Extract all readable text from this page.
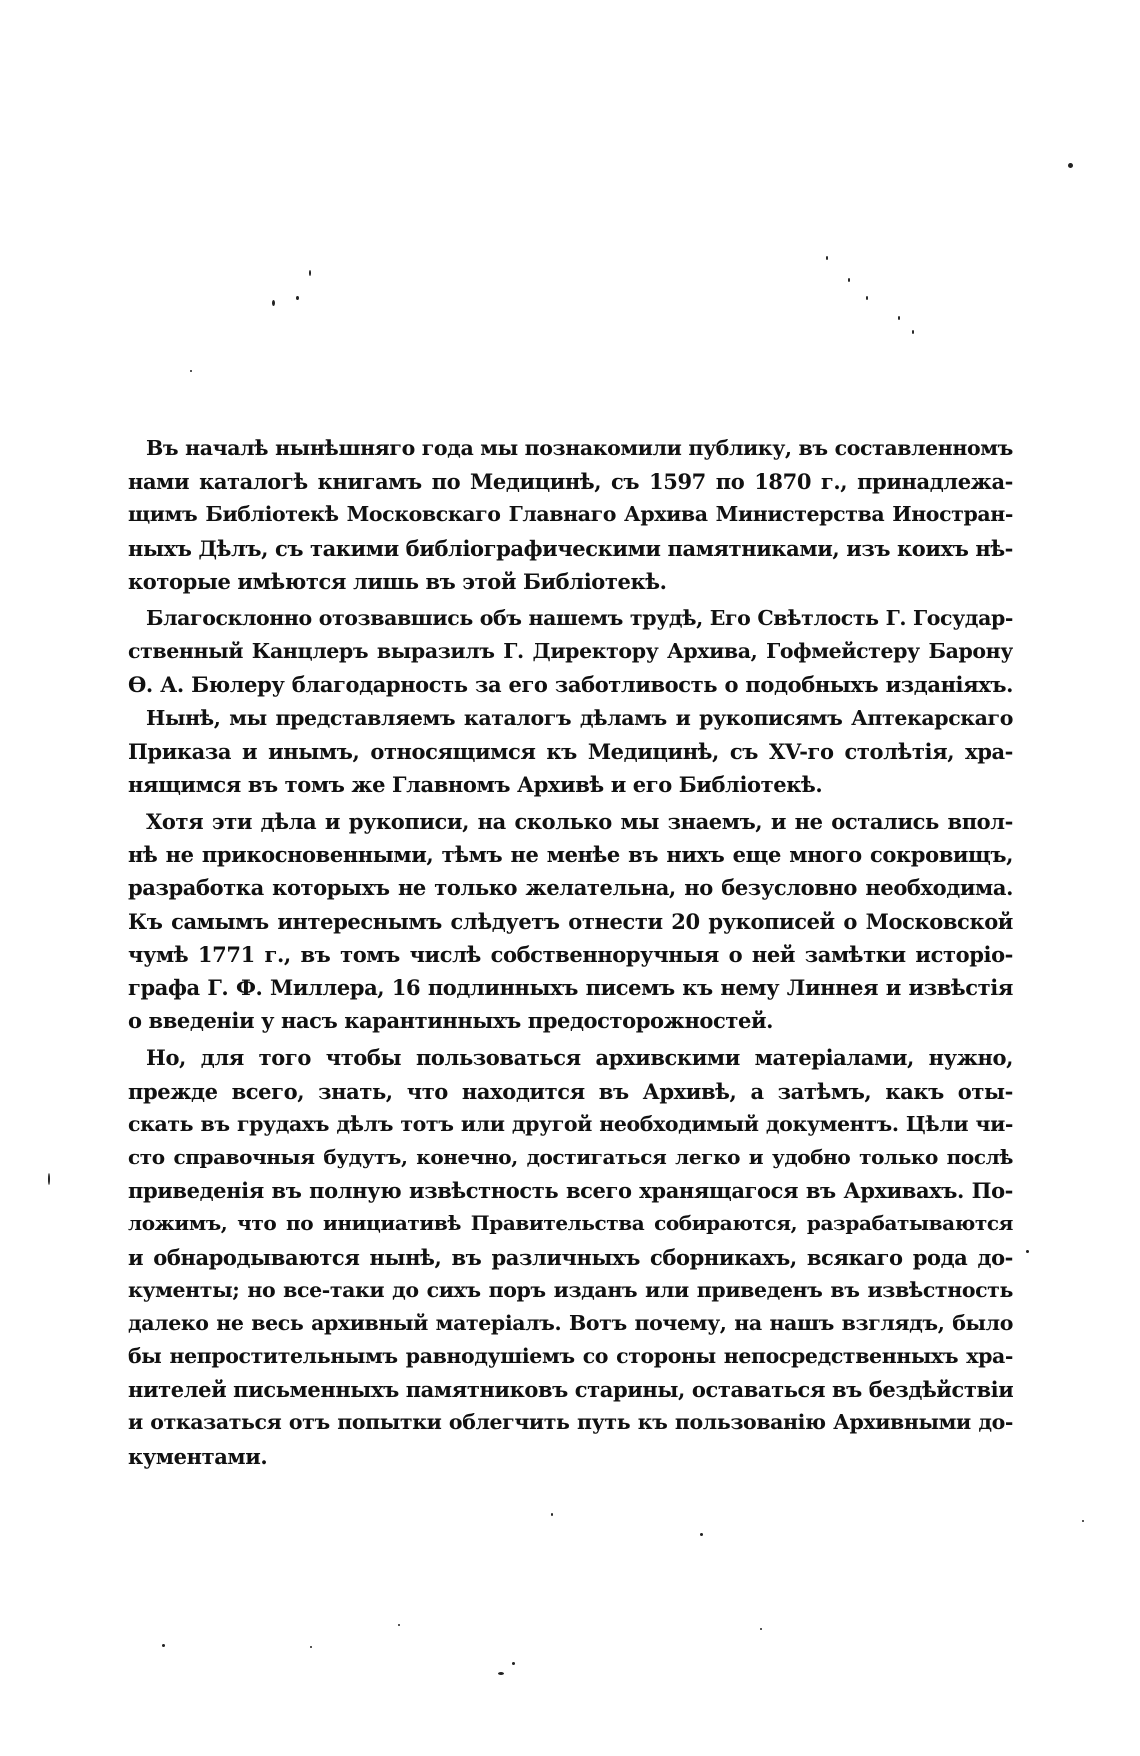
Въ началѣ нынѣшняго года мы познакомили публику, въ составленномъ
нами каталогѣ книгамъ по Медицинѣ, съ 1597 по 1870 г., принадлежа-
щимъ Библіотекѣ Московскаго Главнаго Архива Министерства Иностран-
ныхъ Дѣлъ, съ такими библіографическими памятниками, изъ коихъ нѣ-
которые имѣются лишь въ этой Библіотекѣ.
Благосклонно отозвавшись объ нашемъ трудѣ, Его Свѣтлость Г. Государ-
ственный Канцлеръ выразилъ Г. Директору Архива, Гофмейстеру Барону
Ѳ. А. Бюлеру благодарность за его заботливость о подобныхъ изданіяхъ.
Нынѣ, мы представляемъ каталогъ дѣламъ и рукописямъ Аптекарскаго
Приказа и инымъ, относящимся къ Медицинѣ, съ XV-го столѣтія, хра-
нящимся въ томъ же Главномъ Архивѣ и его Библіотекѣ.
Хотя эти дѣла и рукописи, на сколько мы знаемъ, и не остались впол-
нѣ не прикосновенными, тѣмъ не менѣе въ нихъ еще много сокровищъ,
разработка которыхъ не только желательна, но безусловно необходима.
Къ самымъ интереснымъ слѣдуетъ отнести 20 рукописей о Московской
чумѣ 1771 г., въ томъ числѣ собственноручныя о ней замѣтки исторіо-
графа Г. Ф. Миллера, 16 подлинныхъ писемъ къ нему Линнея и извѣстія
о введеніи у насъ карантинныхъ предосторожностей.
Но, для того чтобы пользоваться архивскими матеріалами, нужно,
прежде всего, знать, что находится въ Архивѣ, а затѣмъ, какъ оты-
скать въ грудахъ дѣлъ тотъ или другой необходимый документъ. Цѣли чи-
сто справочныя будутъ, конечно, достигаться легко и удобно только послѣ
приведенія въ полную извѣстность всего хранящагося въ Архивахъ. По-
ложимъ, что по инициативѣ Правительства собираются, разрабатываются
и обнародываются нынѣ, въ различныхъ сборникахъ, всякаго рода до-
кументы; но все-таки до сихъ поръ изданъ или приведенъ въ извѣстность
далеко не весь архивный матеріалъ. Вотъ почему, на нашъ взглядъ, было
бы непростительнымъ равнодушіемъ со стороны непосредственныхъ хра-
нителей письменныхъ памятниковъ старины, оставаться въ бездѣйствіи
и отказаться отъ попытки облегчить путь къ пользованію Архивными до-
кументами.
